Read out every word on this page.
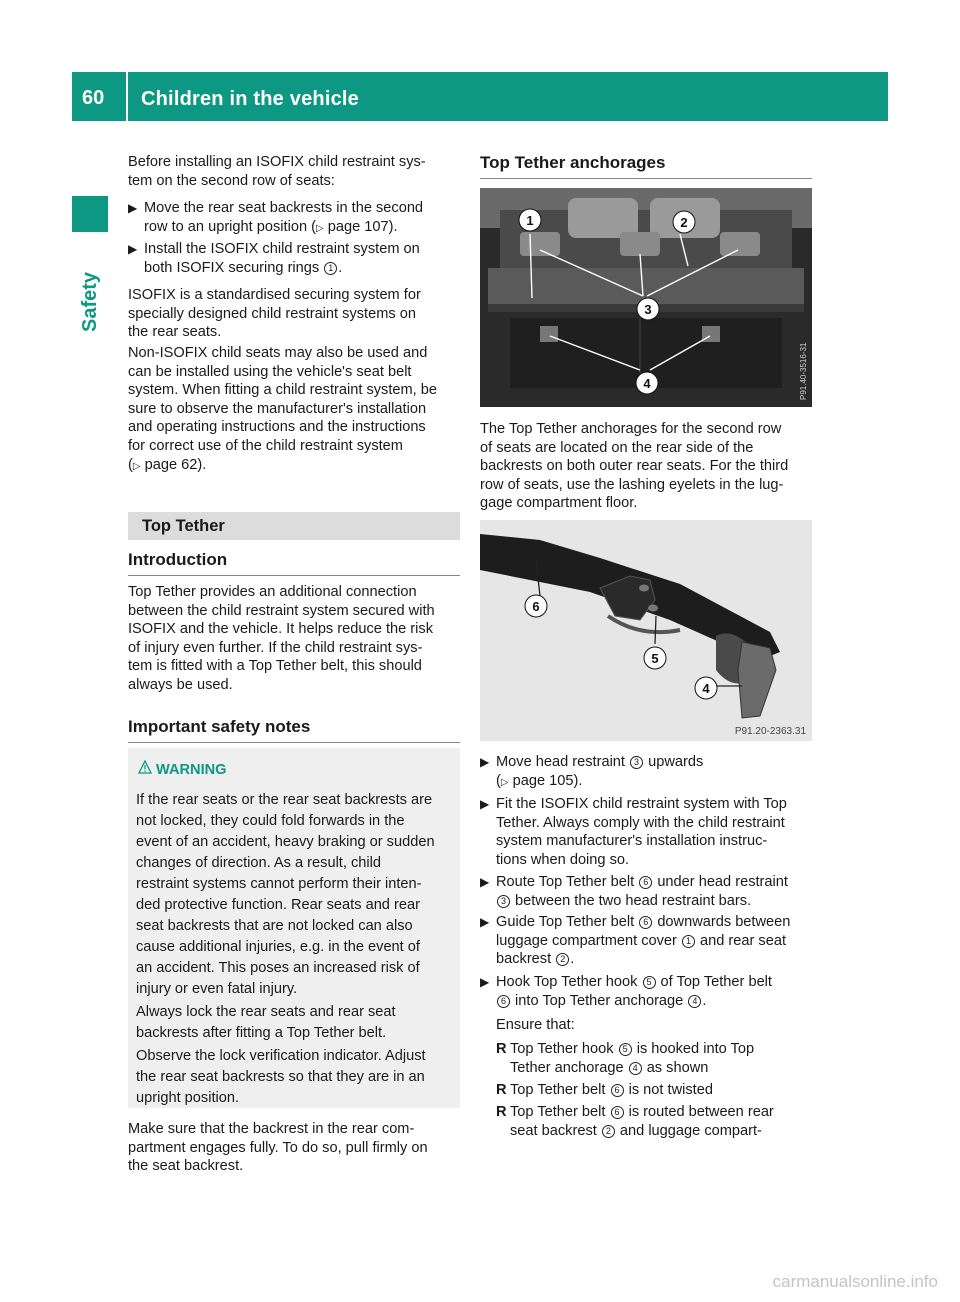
60 Children in the vehicle
Safety
Before installing an ISOFIX child restraint sys-
tem on the second row of seats:
▶ Move the rear seat backrests in the second
row to an upright position (▷ page 107).
▶ Install the ISOFIX child restraint system on
both ISOFIX securing rings 1 .
ISOFIX is a standardised securing system for
specially designed child restraint systems on
the rear seats.
Non-ISOFIX child seats may also be used and
can be installed using the vehicle's seat belt
system. When fitting a child restraint system, be
sure to observe the manufacturer's installation
and operating instructions and the instructions
for correct use of the child restraint system
(▷ page 62).
Top Tether
Introduction
Top Tether provides an additional connection
between the child restraint system secured with
ISOFIX and the vehicle. It helps reduce the risk
of injury even further. If the child restraint sys-
tem is fitted with a Top Tether belt, this should
always be used.
Important safety notes
WARNING
If the rear seats or the rear seat backrests are
not locked, they could fold forwards in the
event of an accident, heavy braking or sudden
changes of direction. As a result, child
restraint systems cannot perform their inten-
ded protective function. Rear seats and rear
seat backrests that are not locked can also
cause additional injuries, e.g. in the event of
an accident. This poses an increased risk of
injury or even fatal injury.
Always lock the rear seats and rear seat
backrests after fitting a Top Tether belt.
Observe the lock verification indicator. Adjust
the rear seat backrests so that they are in an
upright position.
Make sure that the backrest in the rear com-
partment engages fully. To do so, pull firmly on
the seat backrest.
Top Tether anchorages
1	2
3
4	P91.40-3516-31
The Top Tether anchorages for the second row
of seats are located on the rear side of the
backrests on both outer rear seats. For the third
row of seats, use the lashing eyelets in the lug-
gage compartment floor.
6
5
4
P91.20-2363.31
▶ Move head restraint 3 upwards
(▷ page 105).
▶ Fit the ISOFIX child restraint system with Top
Tether. Always comply with the child restraint
system manufacturer's installation instruc-
tions when doing so.
▶ Route Top Tether belt 6 under head restraint
3 between the two head restraint bars.
▶ Guide Top Tether belt 6 downwards between
luggage compartment cover 1 and rear seat
backrest 2 .
▶ Hook Top Tether hook 5 of Top Tether belt
6 into Top Tether anchorage 4 .
Ensure that:
R Top Tether hook 5 is hooked into Top
Tether anchorage 4 as shown
R Top Tether belt 6 is not twisted
R Top Tether belt 6 is routed between rear
seat backrest 2 and luggage compart-
carmanualsonline.info
